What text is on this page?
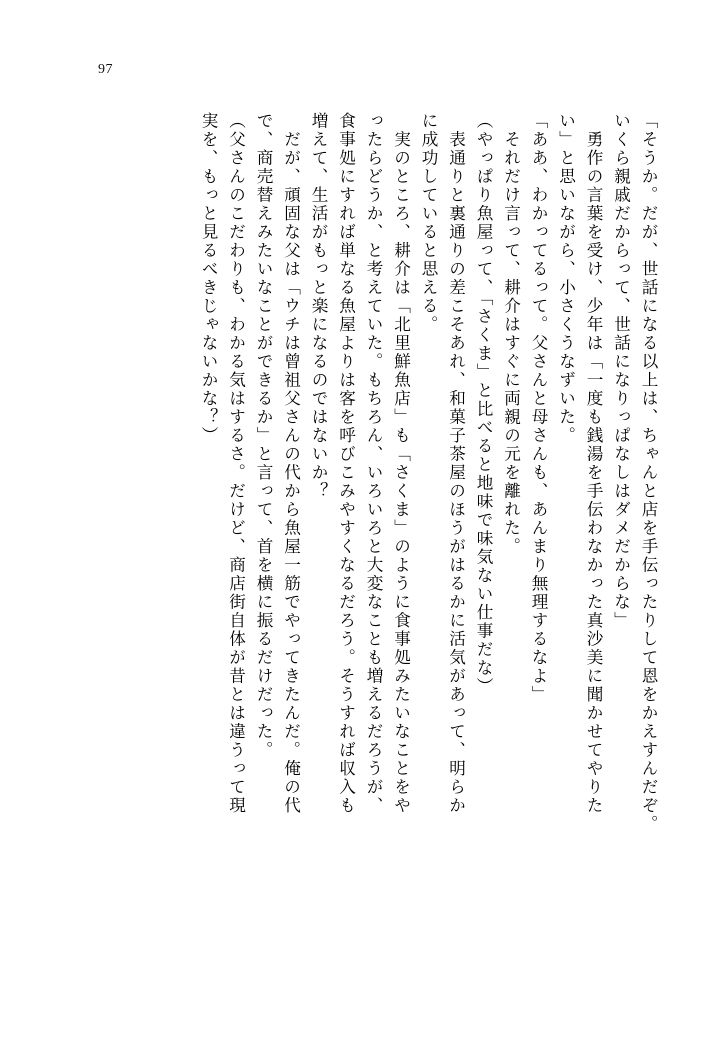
97
「そうか。だが、世話になる以上は、ちゃんと店を手伝ったりして恩をかえすんだぞ。
いくら親戚だからって、世話になりっぱなしはダメだからな」
　勇作の言葉を受け、少年は「一度も銭湯を手伝わなかった真沙美に聞かせてやりた
い」と思いながら、小さくうなずいた。
「ああ、わかってるって。父さんと母さんも、あんまり無理するなよ」
　それだけ言って、耕介はすぐに両親の元を離れた。
（やっぱり魚屋って、「さくま」と比べると地味で味気ない仕事だな）
　表通りと裏通りの差こそあれ、和菓子茶屋のほうがはるかに活気があって、明らか
に成功していると思える。
　実のところ、耕介は「北里鮮魚店」も「さくま」のように食事処みたいなことをや
ったらどうか、と考えていた。もちろん、いろいろと大変なことも増えるだろうが、
食事処にすれば単なる魚屋よりは客を呼びこみやすくなるだろう。そうすれば収入も
増えて、生活がもっと楽になるのではないか？
　だが、頑固な父は「ウチは曾祖父さんの代から魚屋一筋でやってきたんだ。俺の代
で、商売替えみたいなことができるか」と言って、首を横に振るだけだった。
（父さんのこだわりも、わかる気はするさ。だけど、商店街自体が昔とは違うって現
実を、もっと見るべきじゃないかな？）
